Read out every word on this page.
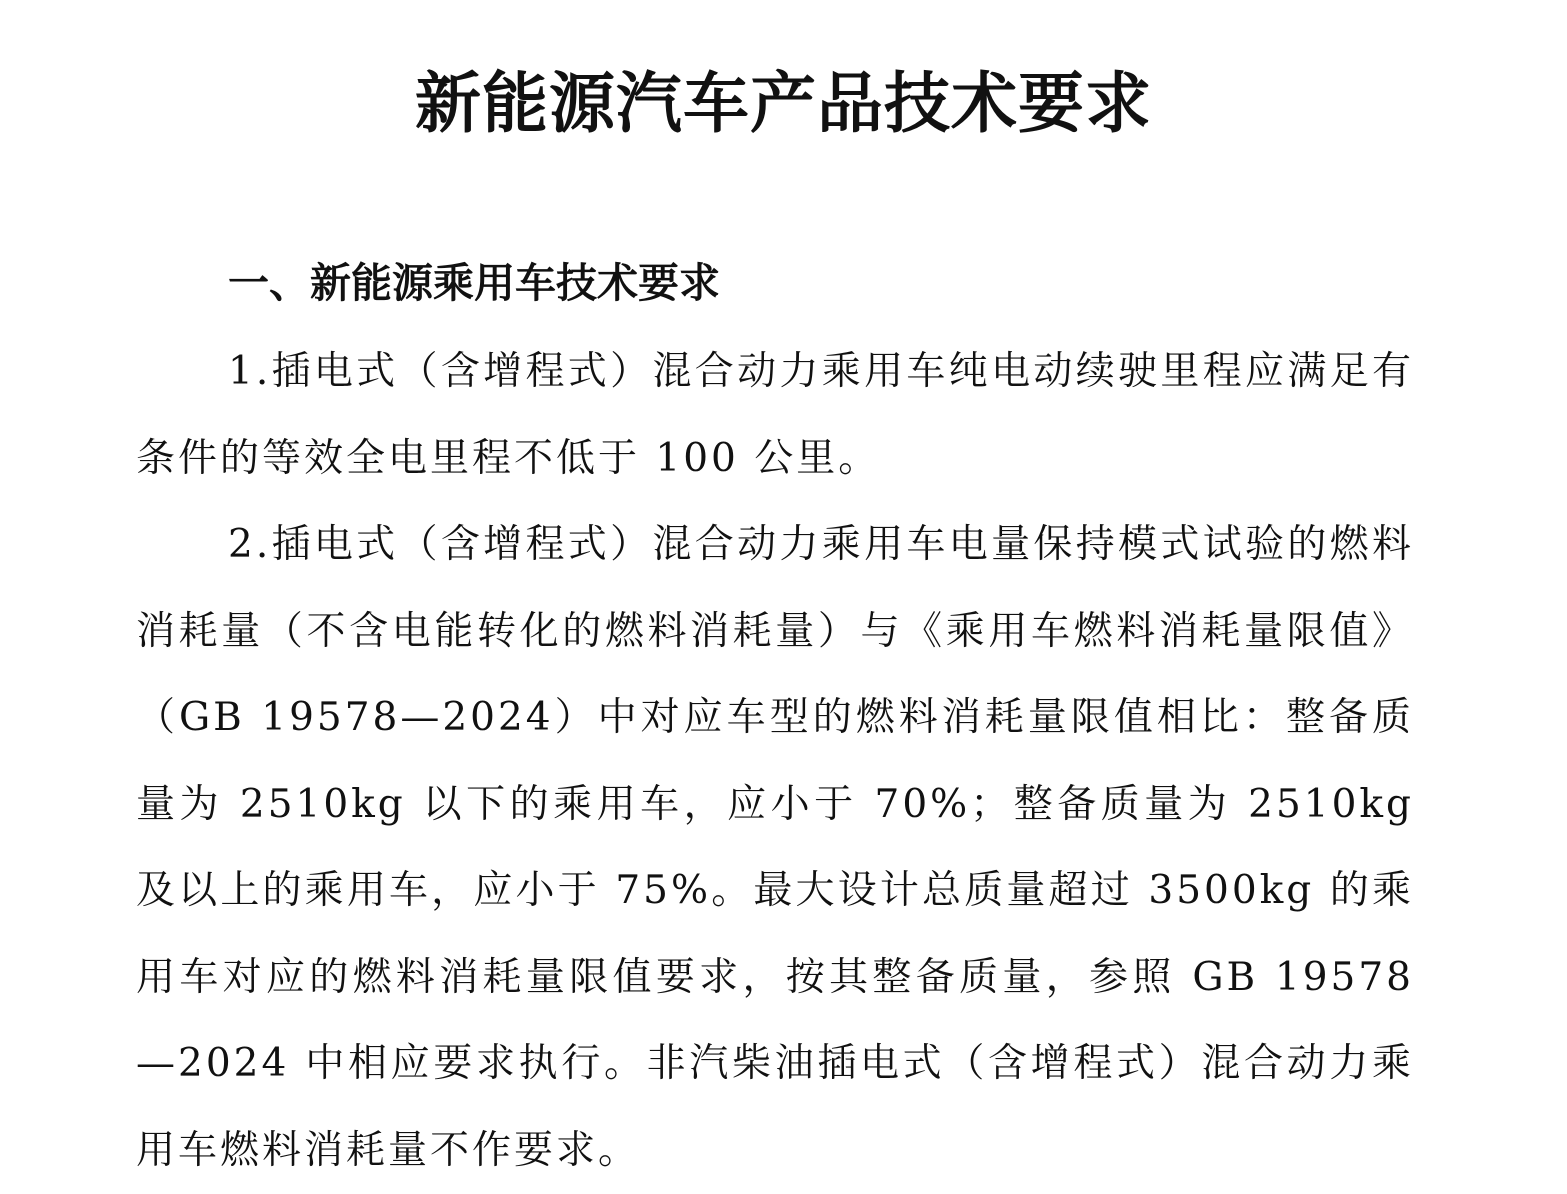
新能源汽车产品技术要求
一、新能源乘用车技术要求

1.插电式（含增程式）混合动力乘用车纯电动续驶里程应满足有条件的等效全电里程不低于 100 公里。

2.插电式（含增程式）混合动力乘用车电量保持模式试验的燃料消耗量（不含电能转化的燃料消耗量）与《乘用车燃料消耗量限值》（GB 19578—2024）中对应车型的燃料消耗量限值相比：整备质量为 2510kg 以下的乘用车，应小于 70%；整备质量为 2510kg 及以上的乘用车，应小于 75%。最大设计总质量超过 3500kg 的乘用车对应的燃料消耗量限值要求，按其整备质量，参照 GB 19578—2024 中相应要求执行。非汽柴油插电式（含增程式）混合动力乘用车燃料消耗量不作要求。
